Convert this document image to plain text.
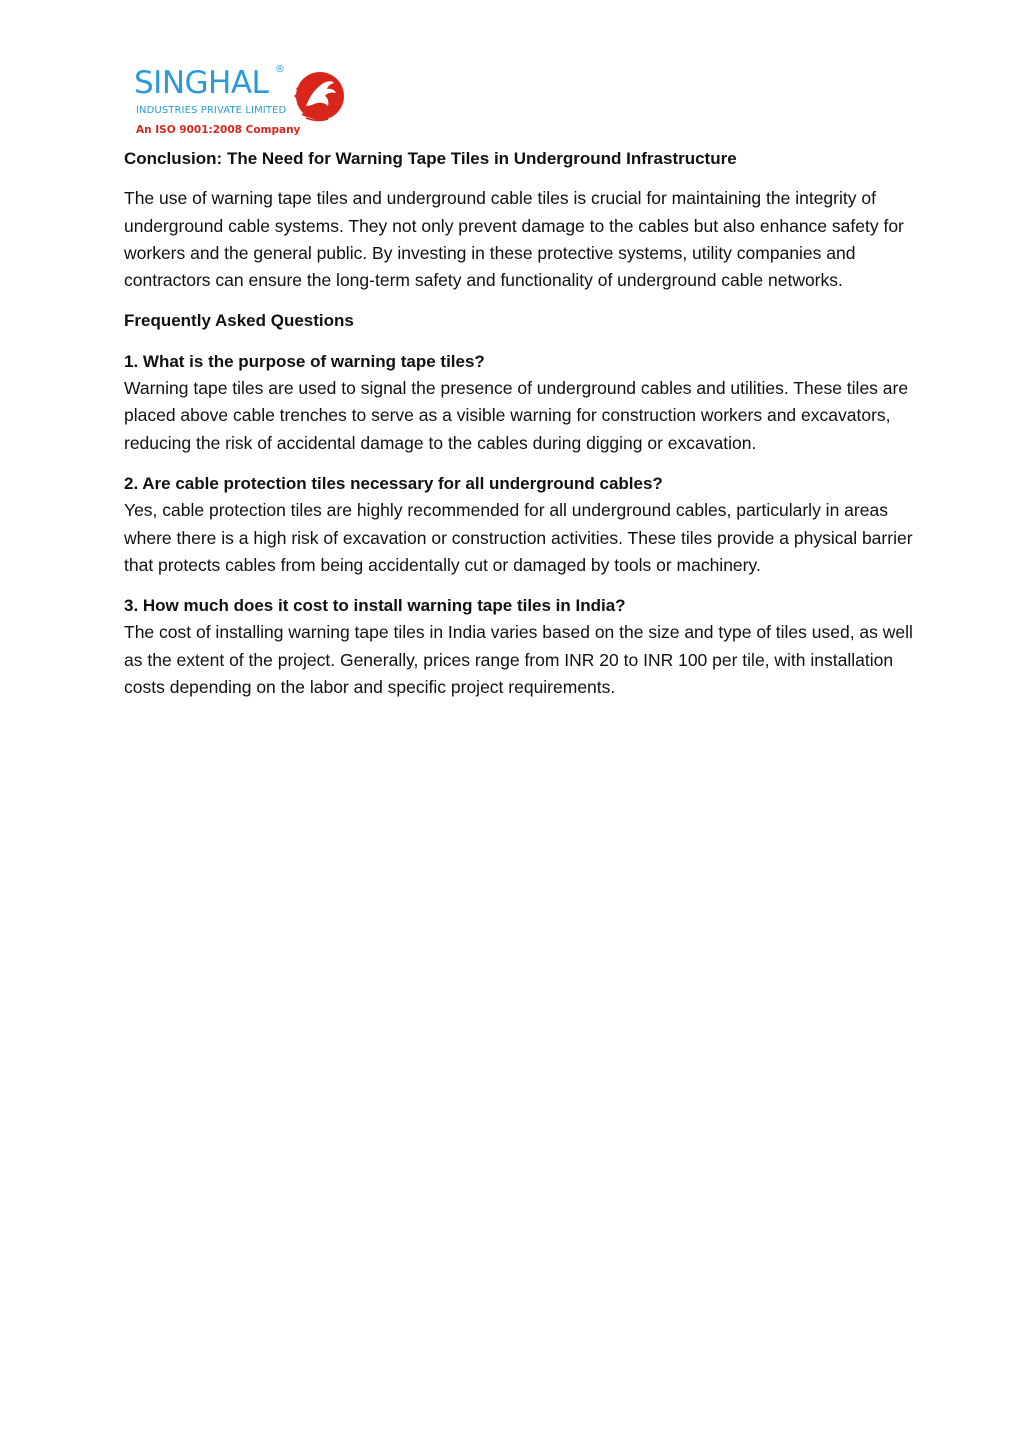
SINGHAL ®
INDUSTRIES PRIVATE LIMITED
An ISO 9001:2008 Company

Conclusion: The Need for Warning Tape Tiles in Underground Infrastructure

The use of warning tape tiles and underground cable tiles is crucial for maintaining the integrity of underground cable systems. They not only prevent damage to the cables but also enhance safety for workers and the general public. By investing in these protective systems, utility companies and contractors can ensure the long-term safety and functionality of underground cable networks.

Frequently Asked Questions

1. What is the purpose of warning tape tiles?

Warning tape tiles are used to signal the presence of underground cables and utilities. These tiles are placed above cable trenches to serve as a visible warning for construction workers and excavators, reducing the risk of accidental damage to the cables during digging or excavation.

2. Are cable protection tiles necessary for all underground cables?

Yes, cable protection tiles are highly recommended for all underground cables, particularly in areas where there is a high risk of excavation or construction activities. These tiles provide a physical barrier that protects cables from being accidentally cut or damaged by tools or machinery.

3. How much does it cost to install warning tape tiles in India?

The cost of installing warning tape tiles in India varies based on the size and type of tiles used, as well as the extent of the project. Generally, prices range from INR 20 to INR 100 per tile, with installation costs depending on the labor and specific project requirements.
